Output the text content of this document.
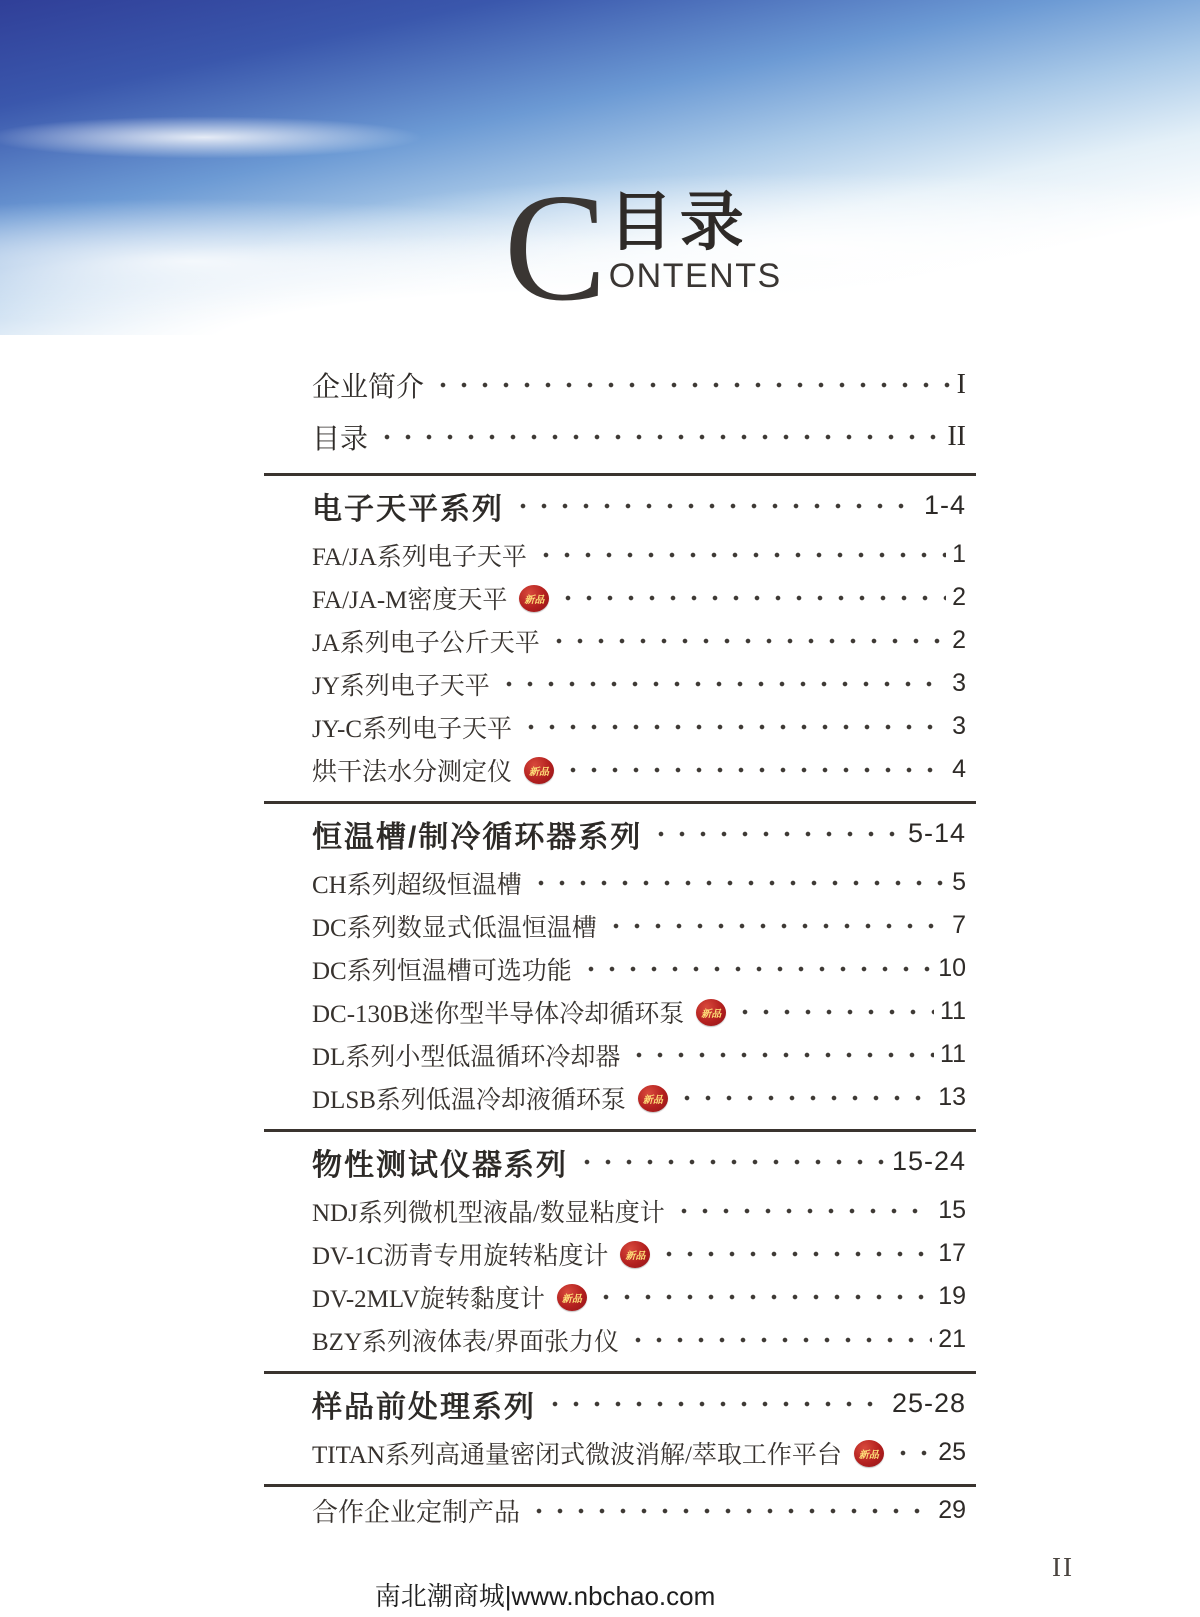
C 目录
ONTENTS
企业简介	I
目录	II
电子天平系列	1-4
FA/JA系列电子天平	1
FA/JA-M密度天平	新品	2
JA系列电子公斤天平	2
JY系列电子天平	3
JY-C系列电子天平	3
烘干法水分测定仪	新品	4
恒温槽/制冷循环器系列	5-14
CH系列超级恒温槽	5
DC系列数显式低温恒温槽	7
DC系列恒温槽可选功能	10
DC-130B迷你型半导体冷却循环泵	新品	11
DL系列小型低温循环冷却器	11
DLSB系列低温冷却液循环泵	新品	13
物性测试仪器系列	15-24
NDJ系列微机型液晶/数显粘度计	15
DV-1C沥青专用旋转粘度计	新品	17
DV-2MLV旋转黏度计	新品	19
BZY系列液体表/界面张力仪	21
样品前处理系列	25-28
TITAN系列高通量密闭式微波消解/萃取工作平台	新品 25
合作企业定制产品	29
II
南北潮商城|www.nbchao.com
